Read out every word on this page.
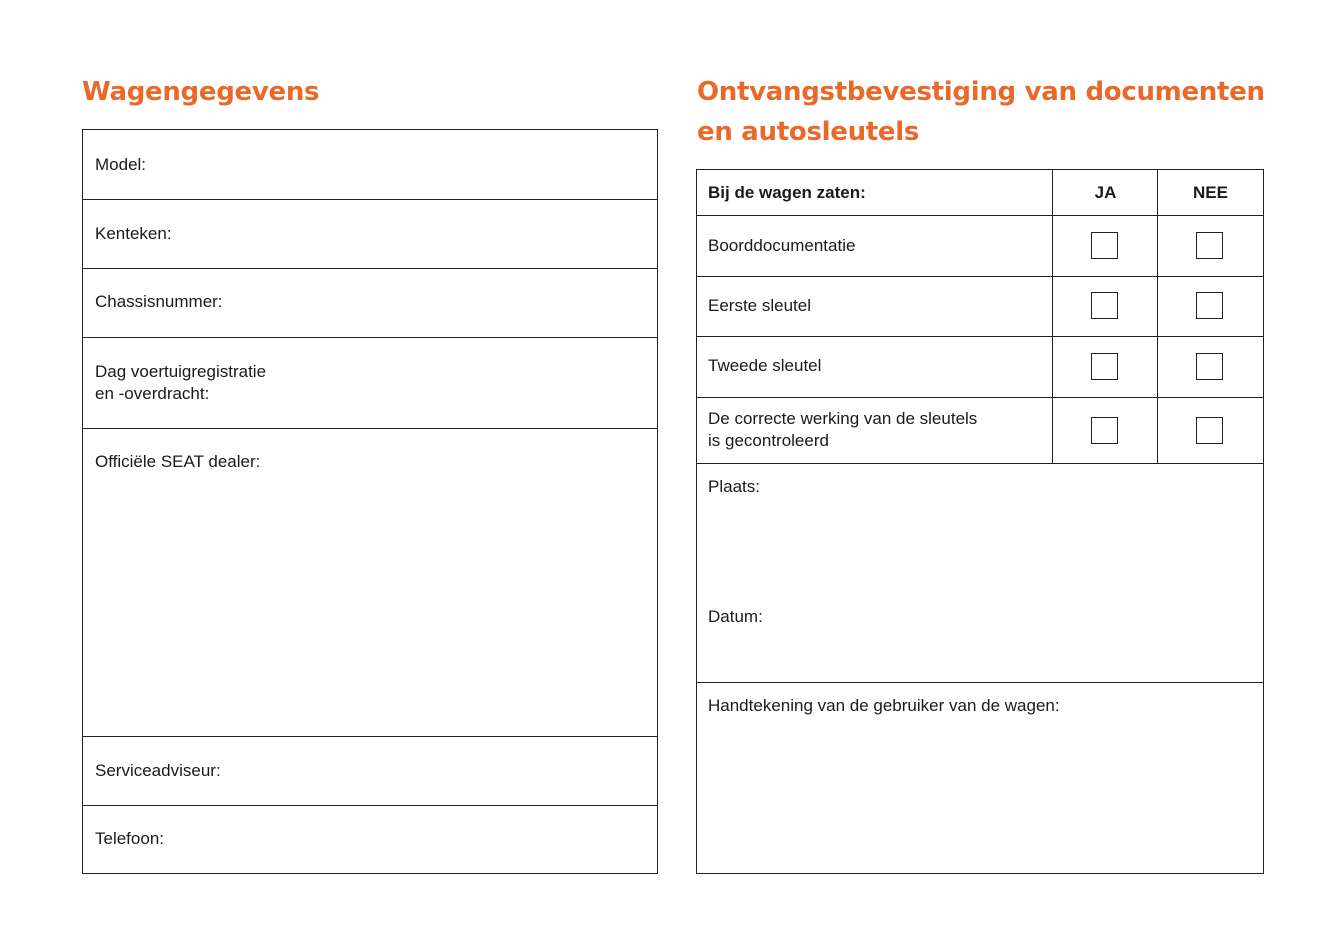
Wagengegevens
Model:
Kenteken:
Chassisnummer:
Dag voertuigregistratie
en -overdracht:
Officiële SEAT dealer:
Serviceadviseur:
Telefoon:
Ontvangstbevestiging van documenten
en autosleutels
Bij de wagen zaten:	JA	NEE
Boorddocumentatie
Eerste sleutel
Tweede sleutel
De correcte werking van de sleutels
is gecontroleerd
Plaats:
Datum:
Handtekening van de gebruiker van de wagen:
